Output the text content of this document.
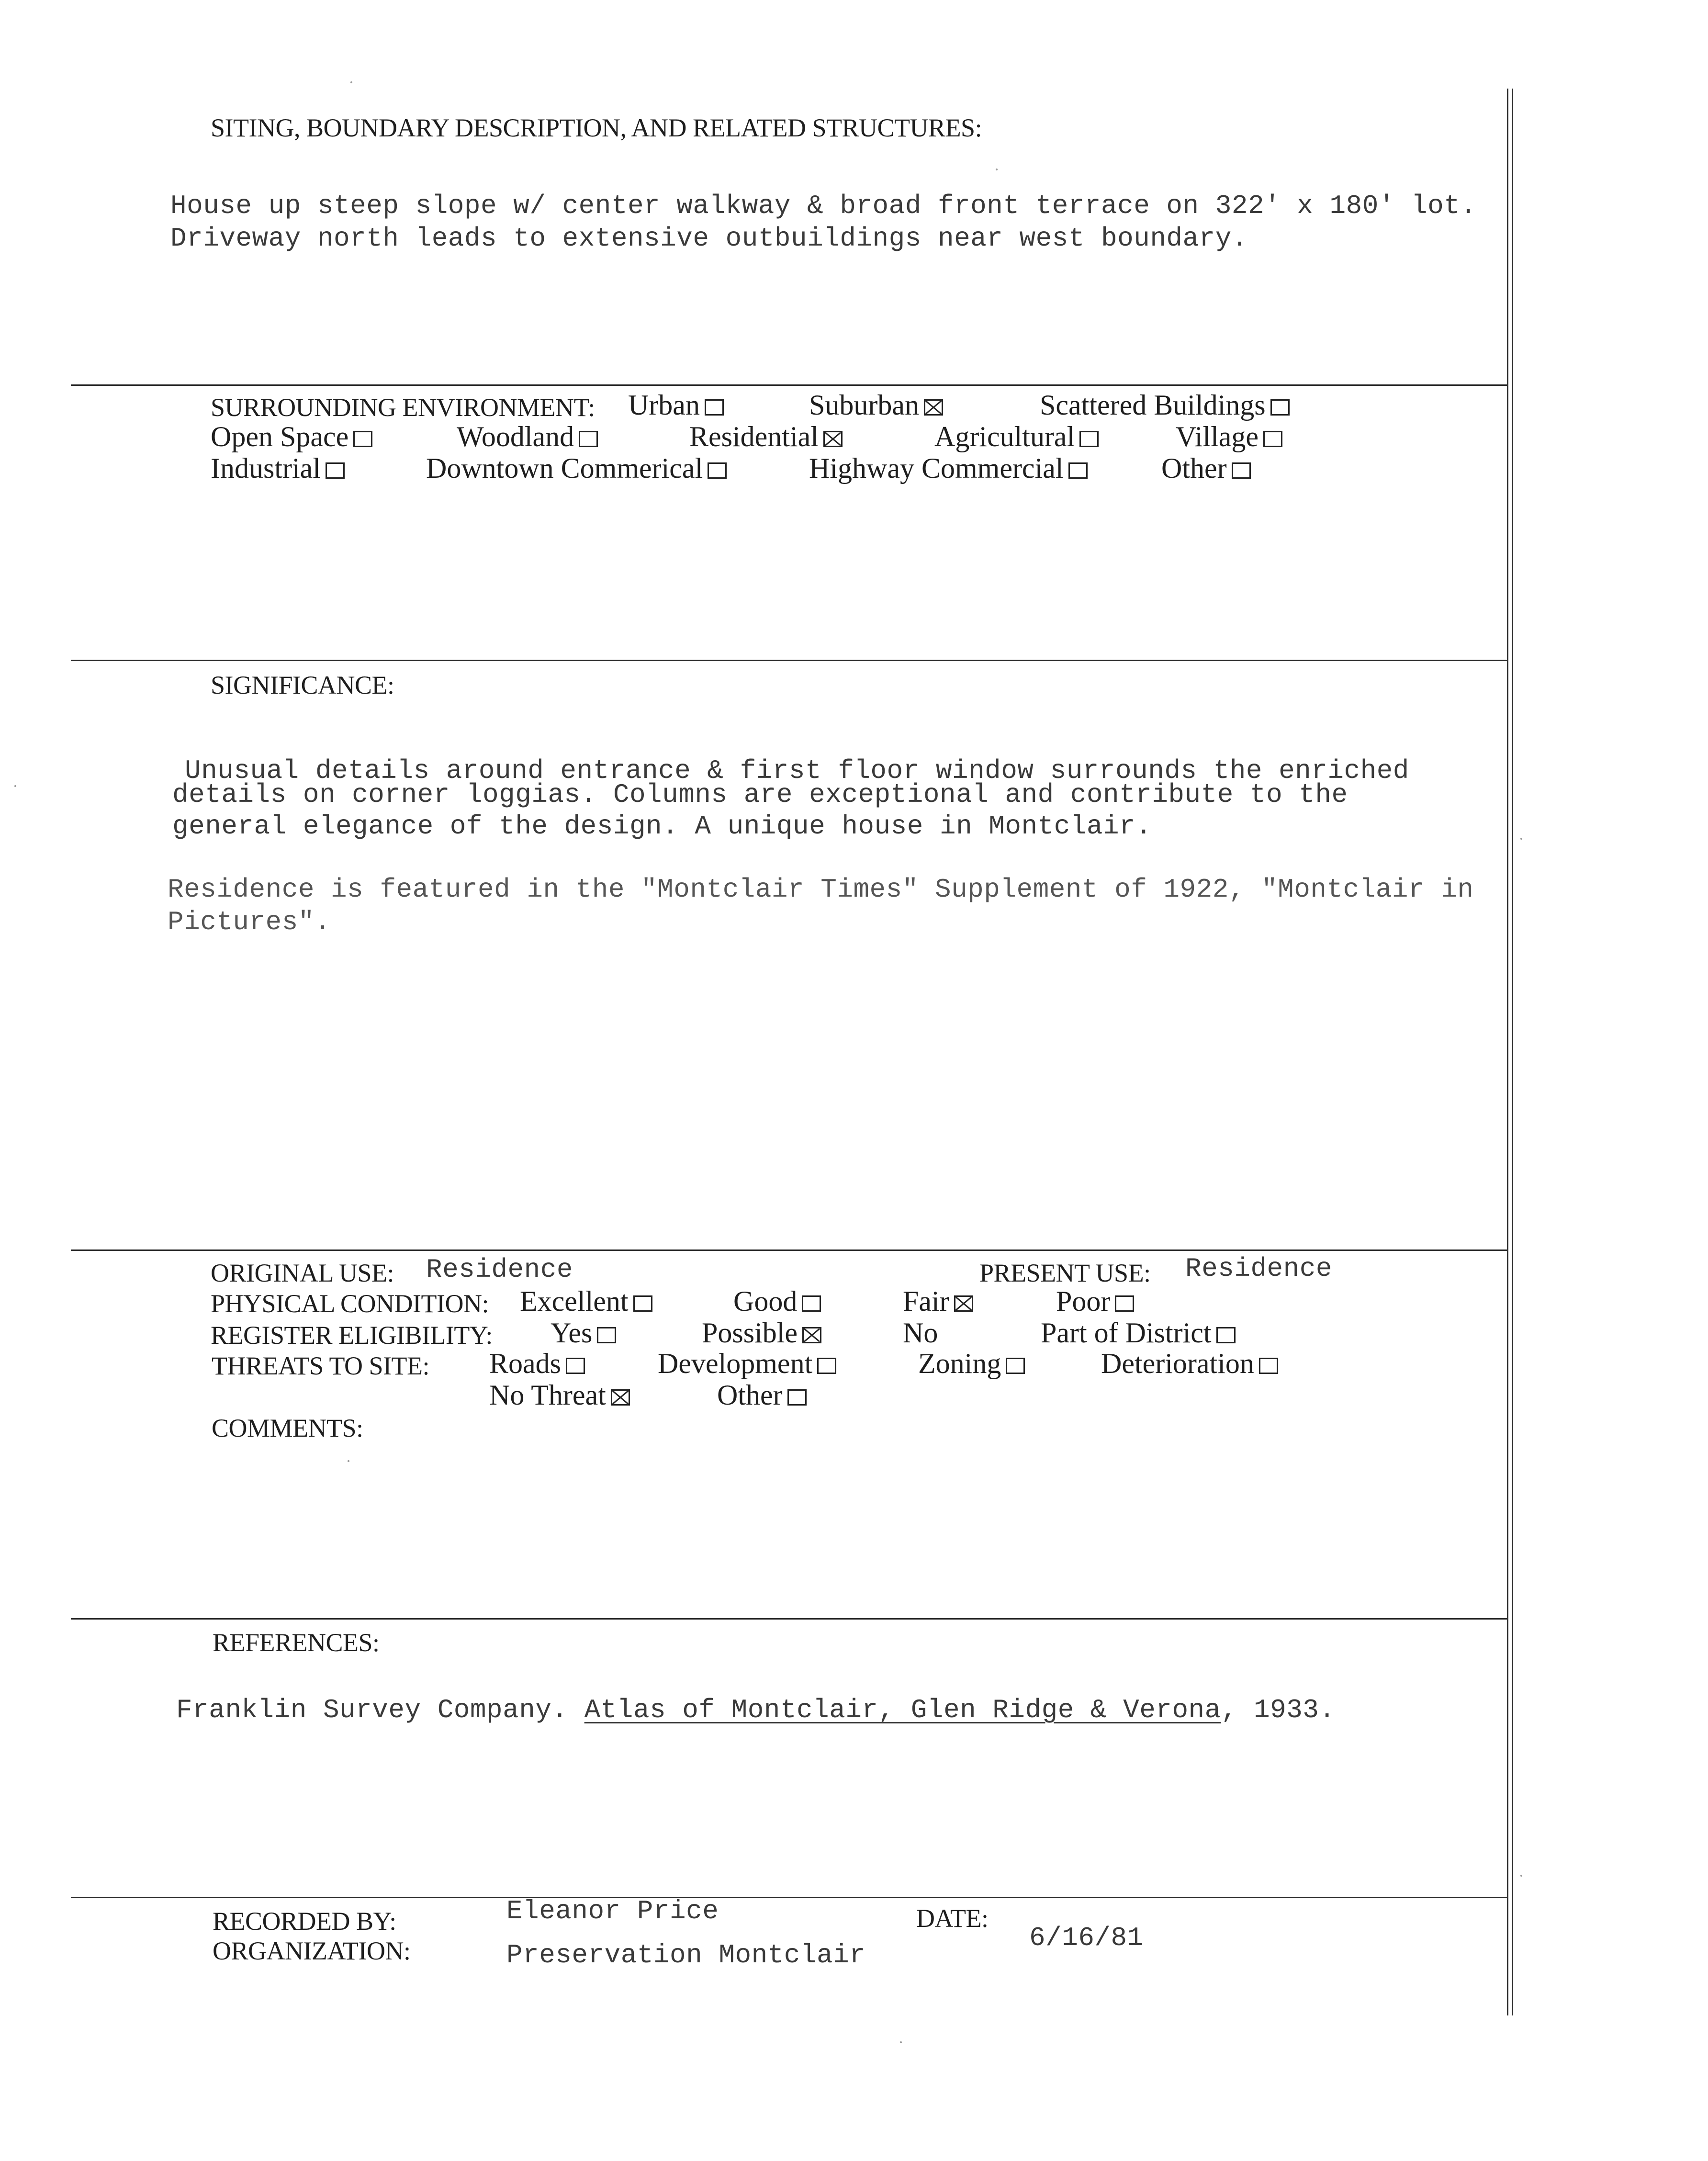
SITING, BOUNDARY DESCRIPTION, AND RELATED STRUCTURES:
House up steep slope w/ center walkway & broad front terrace on 322' x 180' lot.
Driveway north leads to extensive outbuildings near west boundary.
SURROUNDING ENVIRONMENT: Urban	Suburban	Scattered Buildings
Open Space	Woodland	Residential	Agricultural	Village
Industrial	Downtown Commerical	Highway Commercial	Other
SIGNIFICANCE:
Unusual details around entrance & first floor window surrounds the enriched
details on corner loggias. Columns are exceptional and contribute to the
general elegance of the design. A unique house in Montclair.
Residence is featured in the "Montclair Times" Supplement of 1922, "Montclair in
Pictures".
ORIGINAL USE: Residence	PRESENT USE: Residence
PHYSICAL CONDITION: Excellent	Good	Fair	Poor
REGISTER ELIGIBILITY: Yes	Possible	No	Part of District
THREATS TO SITE: Roads	Development	Zoning	Deterioration
No Threat	Other
COMMENTS:
REFERENCES:
Franklin Survey Company. Atlas of Montclair, Glen Ridge & Verona, 1933.
RECORDED BY:	Eleanor Price
ORGANIZATION:	Preservation Montclair
DATE:
6/16/81
